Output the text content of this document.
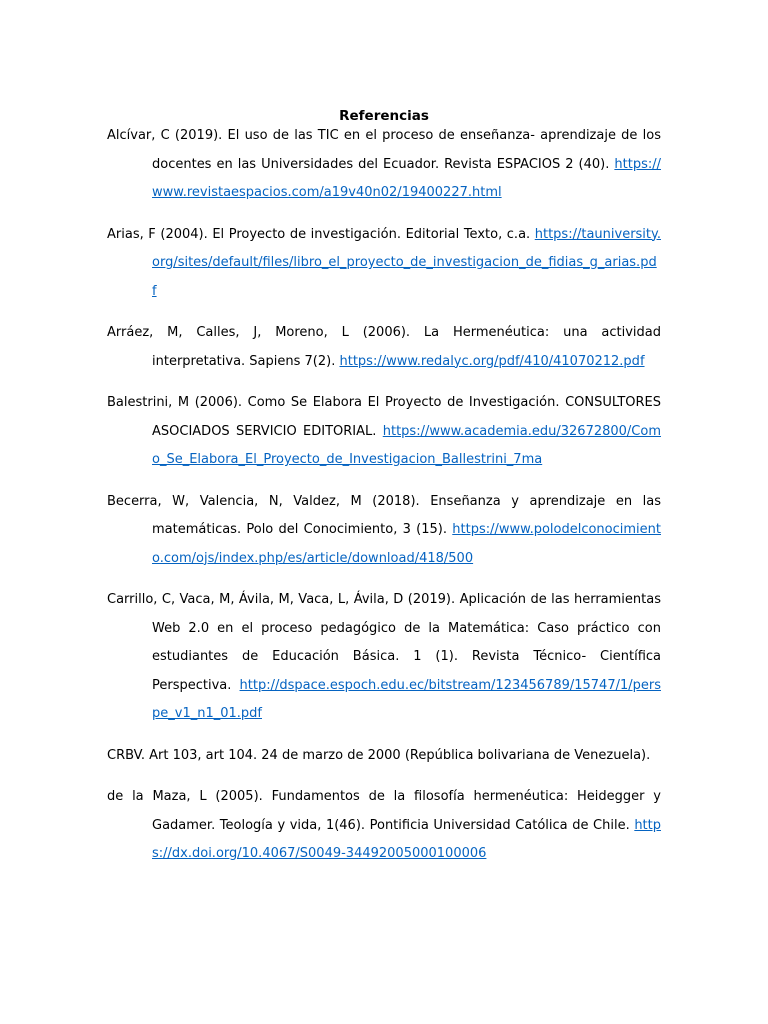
Referencias

Alcívar, C (2019). El uso de las TIC en el proceso de enseñanza- aprendizaje de los docentes en las Universidades del Ecuador. Revista ESPACIOS 2 (40). https://www.revistaespacios.com/a19v40n02/19400227.html

Arias, F (2004). El Proyecto de investigación. Editorial Texto, c.a. https://tauniversity.org/sites/default/files/libro_el_proyecto_de_investigacion_de_fidias_g_arias.pdf

Arráez, M, Calles, J, Moreno, L (2006). La Hermenéutica: una actividad interpretativa. Sapiens 7(2). https://www.redalyc.org/pdf/410/41070212.pdf

Balestrini, M (2006). Como Se Elabora El Proyecto de Investigación. CONSULTORES ASOCIADOS SERVICIO EDITORIAL. https://www.academia.edu/32672800/Como_Se_Elabora_El_Proyecto_de_Investigacion_Ballestrini_7ma

Becerra, W, Valencia, N, Valdez, M (2018). Enseñanza y aprendizaje en las matemáticas. Polo del Conocimiento, 3 (15). https://www.polodelconocimiento.com/ojs/index.php/es/article/download/418/500

Carrillo, C, Vaca, M, Ávila, M, Vaca, L, Ávila, D (2019). Aplicación de las herramientas Web 2.0 en el proceso pedagógico de la Matemática: Caso práctico con estudiantes de Educación Básica. 1 (1). Revista Técnico- Científica Perspectiva. http://dspace.espoch.edu.ec/bitstream/123456789/15747/1/perspe_v1_n1_01.pdf

CRBV. Art 103, art 104. 24 de marzo de 2000 (República bolivariana de Venezuela).

de la Maza, L (2005). Fundamentos de la filosofía hermenéutica: Heidegger y Gadamer. Teología y vida, 1(46). Pontificia Universidad Católica de Chile. https://dx.doi.org/10.4067/S0049-34492005000100006
